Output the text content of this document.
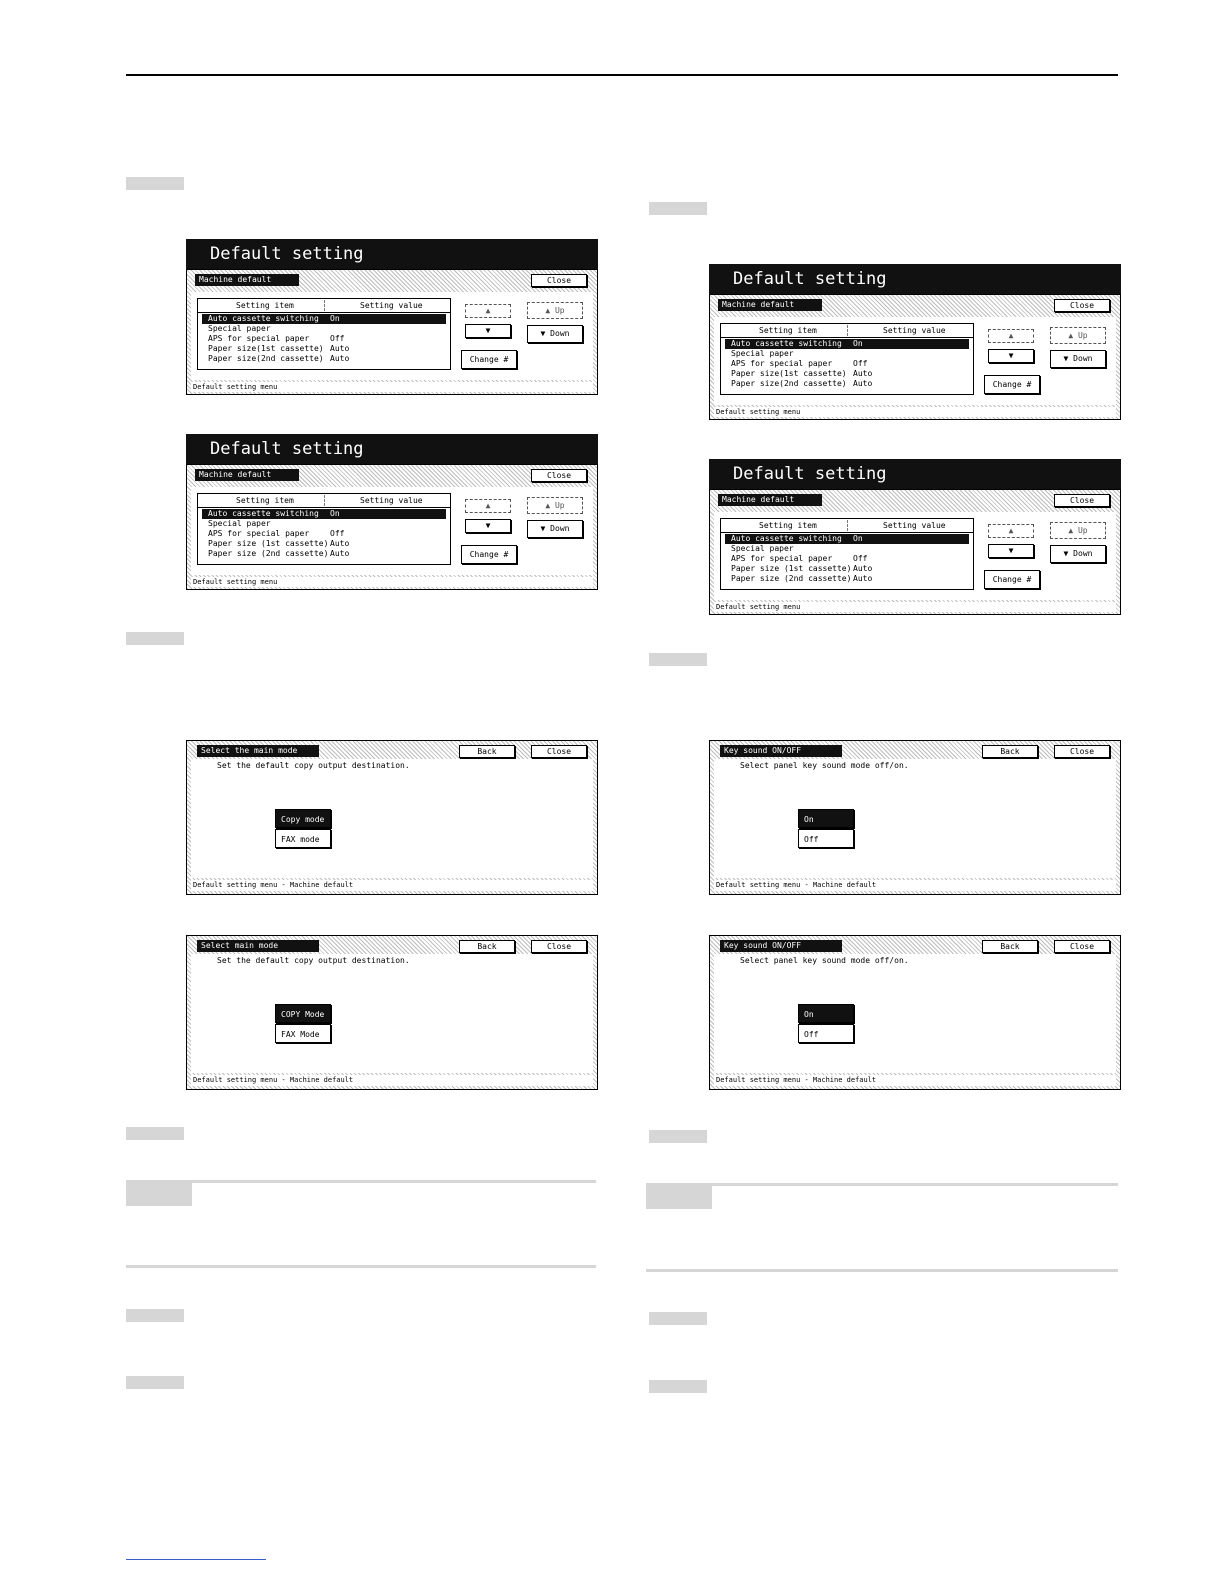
Default setting
Machine default	Close
Setting item	Setting value
Auto cassette switching On
Special paper
APS for special paper	Off
Paper size(1st cassette) Auto
Paper size(2nd cassette) Auto
▲
▼
▲ Up
▼ Down
Change #
Default setting menu
Default setting
Machine default	Close
Setting item	Setting value
Auto cassette switching On
Special paper
APS for special paper	Off
Paper size (1st cassette) Auto
Paper size (2nd cassette) Auto
▲
▼
▲ Up
▼ Down
Change #
Default setting menu
Default setting
Machine default	Close
Setting item	Setting value
Auto cassette switching On
Special paper
APS for special paper	Off
Paper size(1st cassette) Auto
Paper size(2nd cassette) Auto
▲
▼
▲ Up
▼ Down
Change #
Default setting menu
Default setting
Machine default	Close
Setting item	Setting value
Auto cassette switching On
Special paper
APS for special paper	Off
Paper size (1st cassette) Auto
Paper size (2nd cassette) Auto
▲
▼
▲ Up
▼ Down
Change #
Default setting menu
Select the main mode	Back	Close
Set the default copy output destination.
Copy mode
FAX mode
Default setting menu - Machine default
Select main mode	Back	Close
Set the default copy output destination.
COPY Mode
FAX Mode
Default setting menu - Machine default
Key sound ON/OFF	Back	Close
Select panel key sound mode off/on.
On
Off
Default setting menu - Machine default
Key sound ON/OFF	Back	Close
Select panel key sound mode off/on.
On
Off
Default setting menu - Machine default
